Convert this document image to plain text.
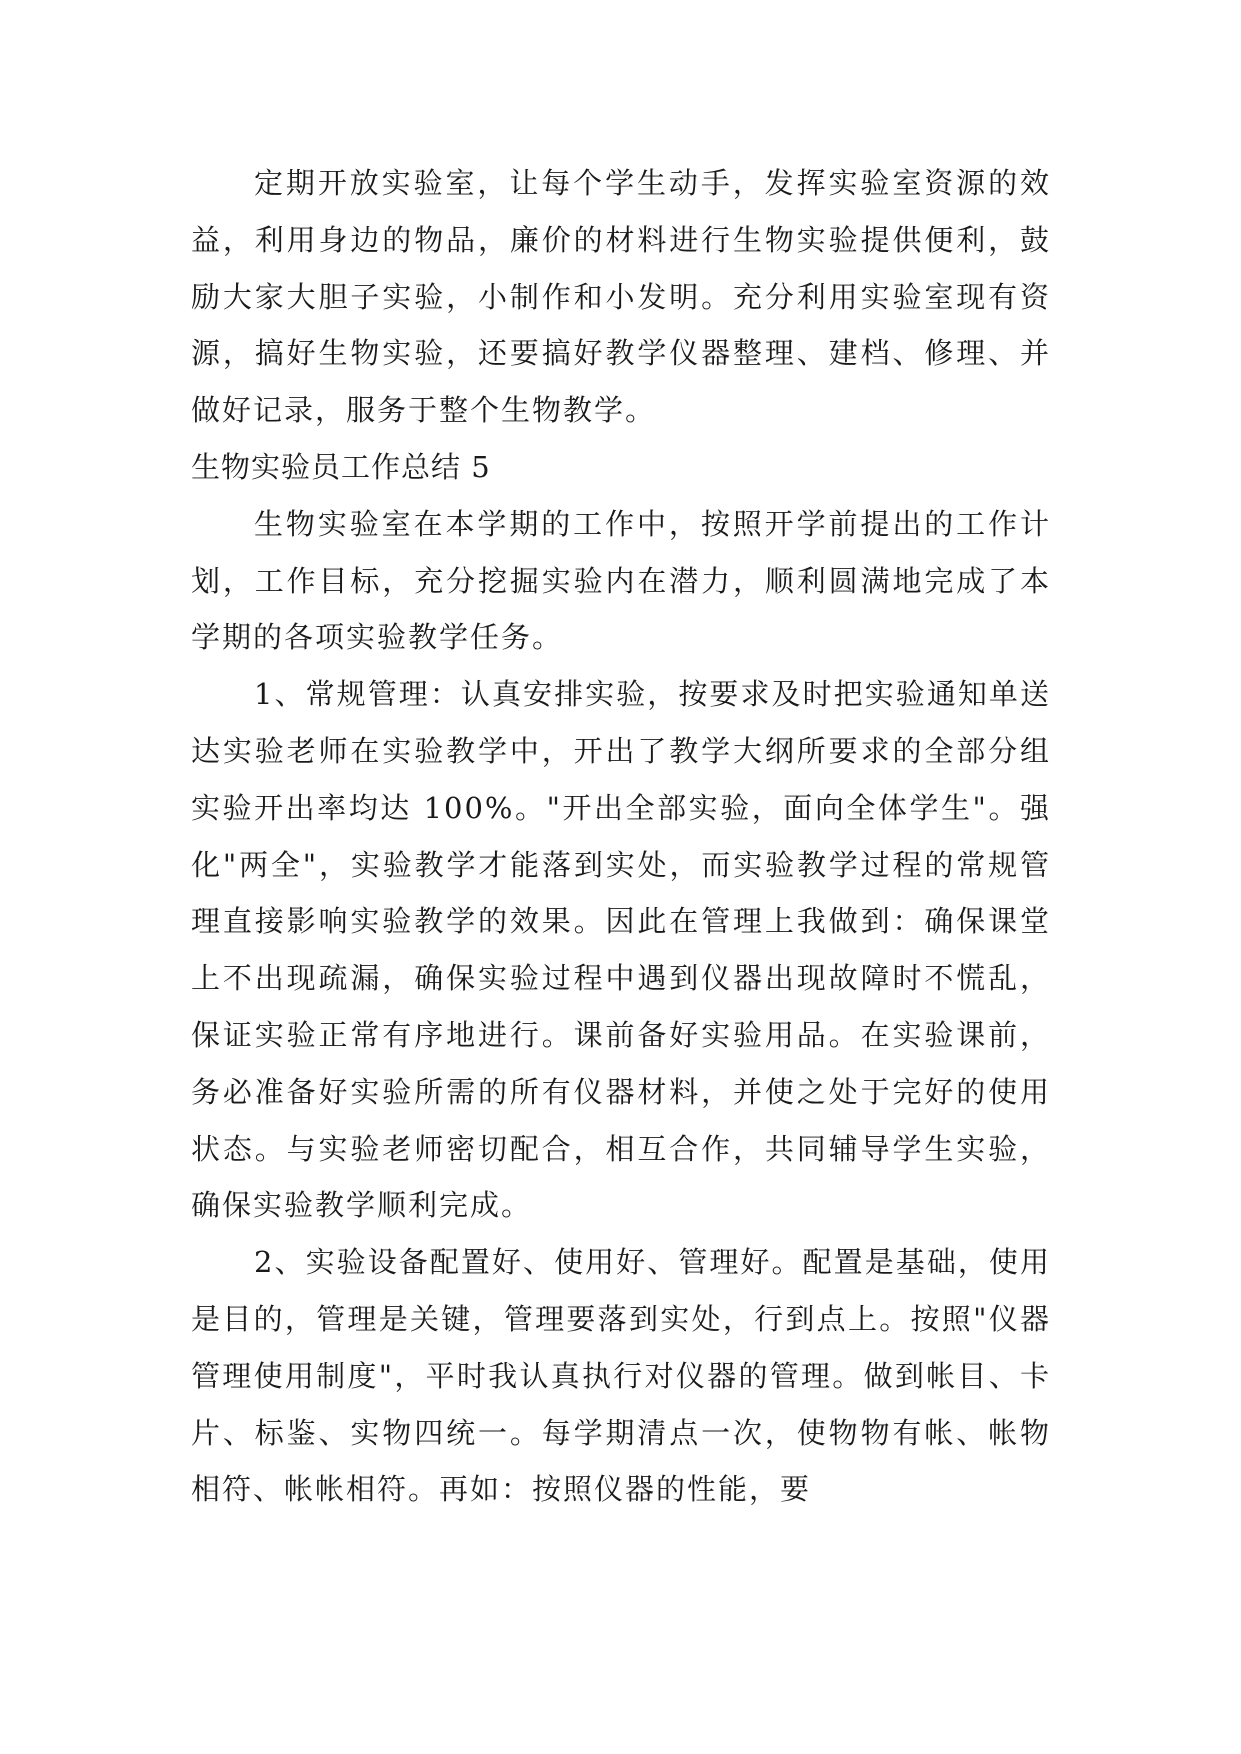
定期开放实验室，让每个学生动手，发挥实验室资源的效益，利用身边的物品，廉价的材料进行生物实验提供便利，鼓励大家大胆子实验，小制作和小发明。充分利用实验室现有资源，搞好生物实验，还要搞好教学仪器整理、建档、修理、并做好记录，服务于整个生物教学。

生物实验员工作总结 5

生物实验室在本学期的工作中，按照开学前提出的工作计划，工作目标，充分挖掘实验内在潜力，顺利圆满地完成了本学期的各项实验教学任务。

1、常规管理：认真安排实验，按要求及时把实验通知单送达实验老师在实验教学中，开出了教学大纲所要求的全部分组实验开出率均达 100%。"开出全部实验，面向全体学生"。强化"两全"，实验教学才能落到实处，而实验教学过程的常规管理直接影响实验教学的效果。因此在管理上我做到：确保课堂上不出现疏漏，确保实验过程中遇到仪器出现故障时不慌乱，保证实验正常有序地进行。课前备好实验用品。在实验课前，务必准备好实验所需的所有仪器材料，并使之处于完好的使用状态。与实验老师密切配合，相互合作，共同辅导学生实验，确保实验教学顺利完成。

2、实验设备配置好、使用好、管理好。配置是基础，使用是目的，管理是关键，管理要落到实处，行到点上。按照"仪器管理使用制度"，平时我认真执行对仪器的管理。做到帐目、卡片、标鉴、实物四统一。每学期清点一次，使物物有帐、帐物相符、帐帐相符。再如：按照仪器的性能，要
